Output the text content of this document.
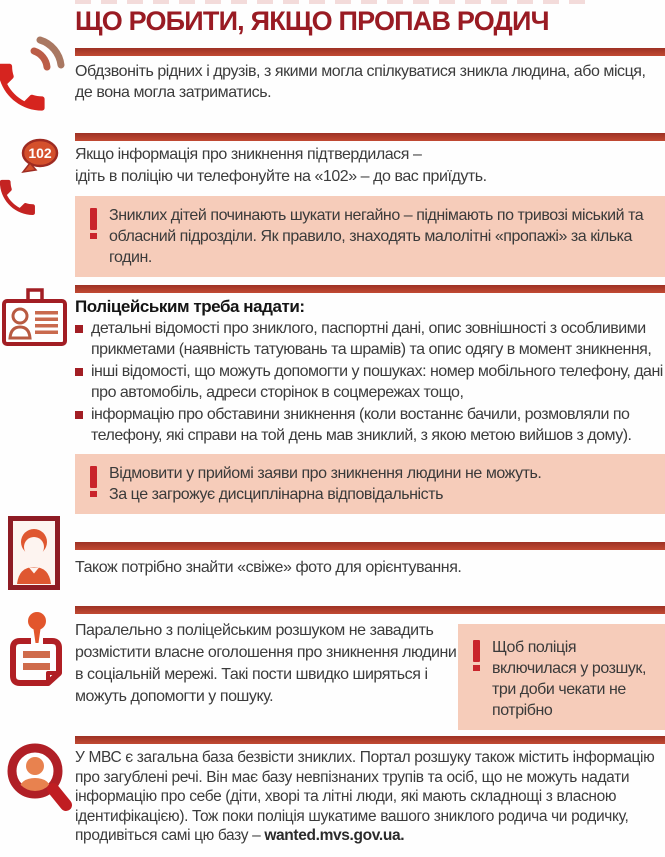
ЩО РОБИТИ, ЯКЩО ПРОПАВ РОДИЧ
Обдзвоніть рідних і друзів, з якими могла спілкуватися зникла людина, або місця, де вона могла затриматись.
102 Якщо інформація про зникнення підтвердилася –
ідіть в поліцію чи телефонуйте на «102» – до вас приїдуть.
Зниклих дітей починають шукати негайно – піднімають по тривозі міський та обласний підрозділи. Як правило, знаходять малолітні «пропажі» за кілька годин.
Поліцейським треба надати:
детальні відомості про зниклого, паспортні дані, опис зовнішності з особливими прикметами (наявність татуювань та шрамів) та опис одягу в момент зникнення,
інші відомості, що можуть допомогти у пошуках: номер мобільного телефону, дані про автомобіль, адреси сторінок в соцмережах тощо,
інформацію про обставини зникнення (коли востаннє бачили, розмовляли по телефону, які справи на той день мав зниклий, з якою метою вийшов з дому).
Відмовити у прийомі заяви про зникнення людини не можуть.
За це загрожує дисциплінарна відповідальність
Також потрібно знайти «свіже» фото для орієнтування.
Паралельно з поліцейським розшуком не завадить розмістити власне оголошення про зникнення людини в соціальній мережі. Такі пости швидко ширяться і можуть допомогти у пошуку.
Щоб поліція включилася у розшук, три доби чекати не потрібно
У МВС є загальна база безвісти зниклих. Портал розшуку також містить інформацію про загублені речі. Він має базу невпізнаних трупів та осіб, що не можуть надати інформацію про себе (діти, хворі та літні люди, які мають складнощі з власною ідентифікацією). Тож поки поліція шукатиме вашого зниклого родича чи родичку, продивіться самі цю базу – wanted.mvs.gov.ua.
